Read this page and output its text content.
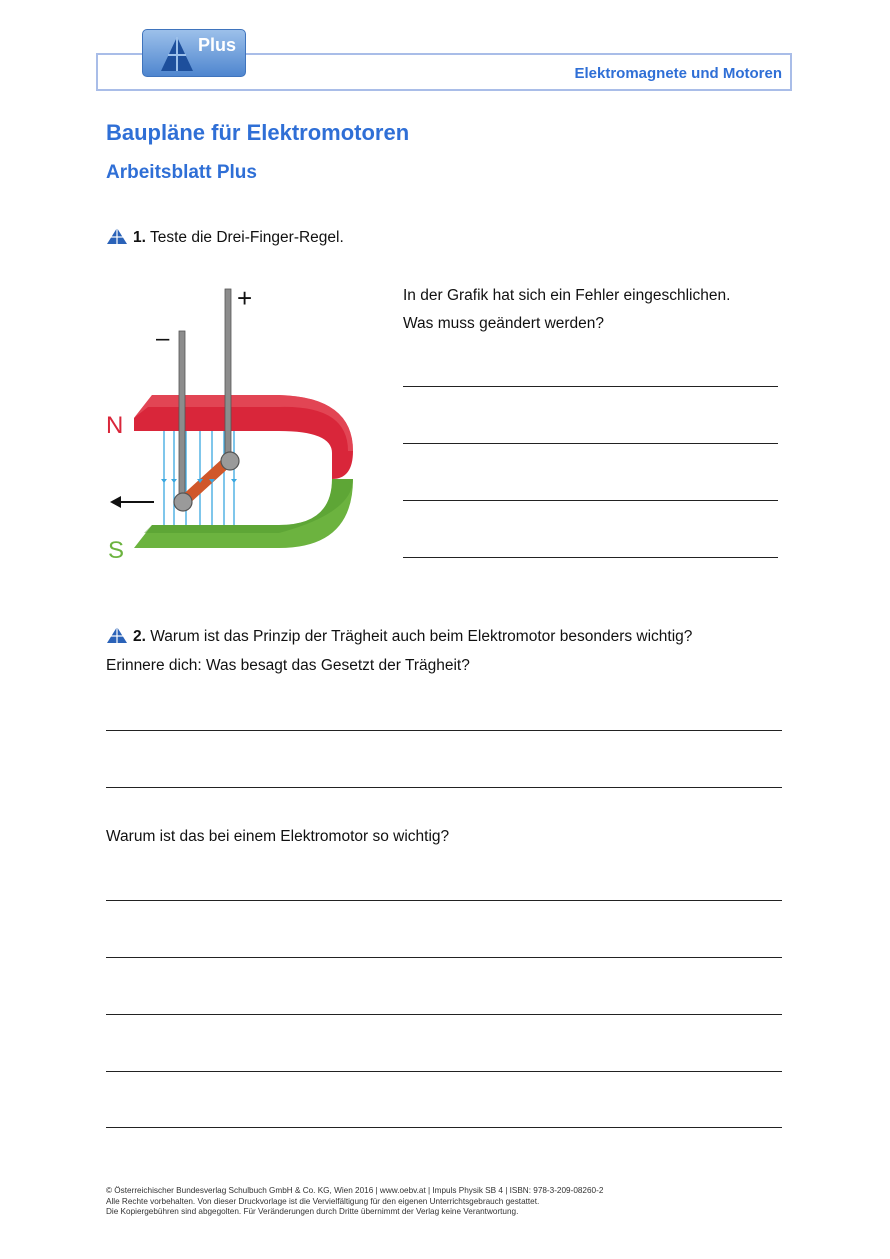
Elektromagnete und Motoren
Plus
Baupläne für Elektromotoren
Arbeitsblatt Plus
1. Teste die Drei-Finger-Regel.
+
–
N
S
In der Grafik hat sich ein Fehler eingeschlichen.
Was muss geändert werden?
2. Warum ist das Prinzip der Trägheit auch beim Elektromotor besonders wichtig?
Erinnere dich: Was besagt das Gesetzt der Trägheit?
Warum ist das bei einem Elektromotor so wichtig?
© Österreichischer Bundesverlag Schulbuch GmbH & Co. KG, Wien 2016 | www.oebv.at | Impuls Physik SB 4 | ISBN: 978-3-209-08260-2
Alle Rechte vorbehalten. Von dieser Druckvorlage ist die Vervielfältigung für den eigenen Unterrichtsgebrauch gestattet.
Die Kopiergebühren sind abgegolten. Für Veränderungen durch Dritte übernimmt der Verlag keine Verantwortung.
